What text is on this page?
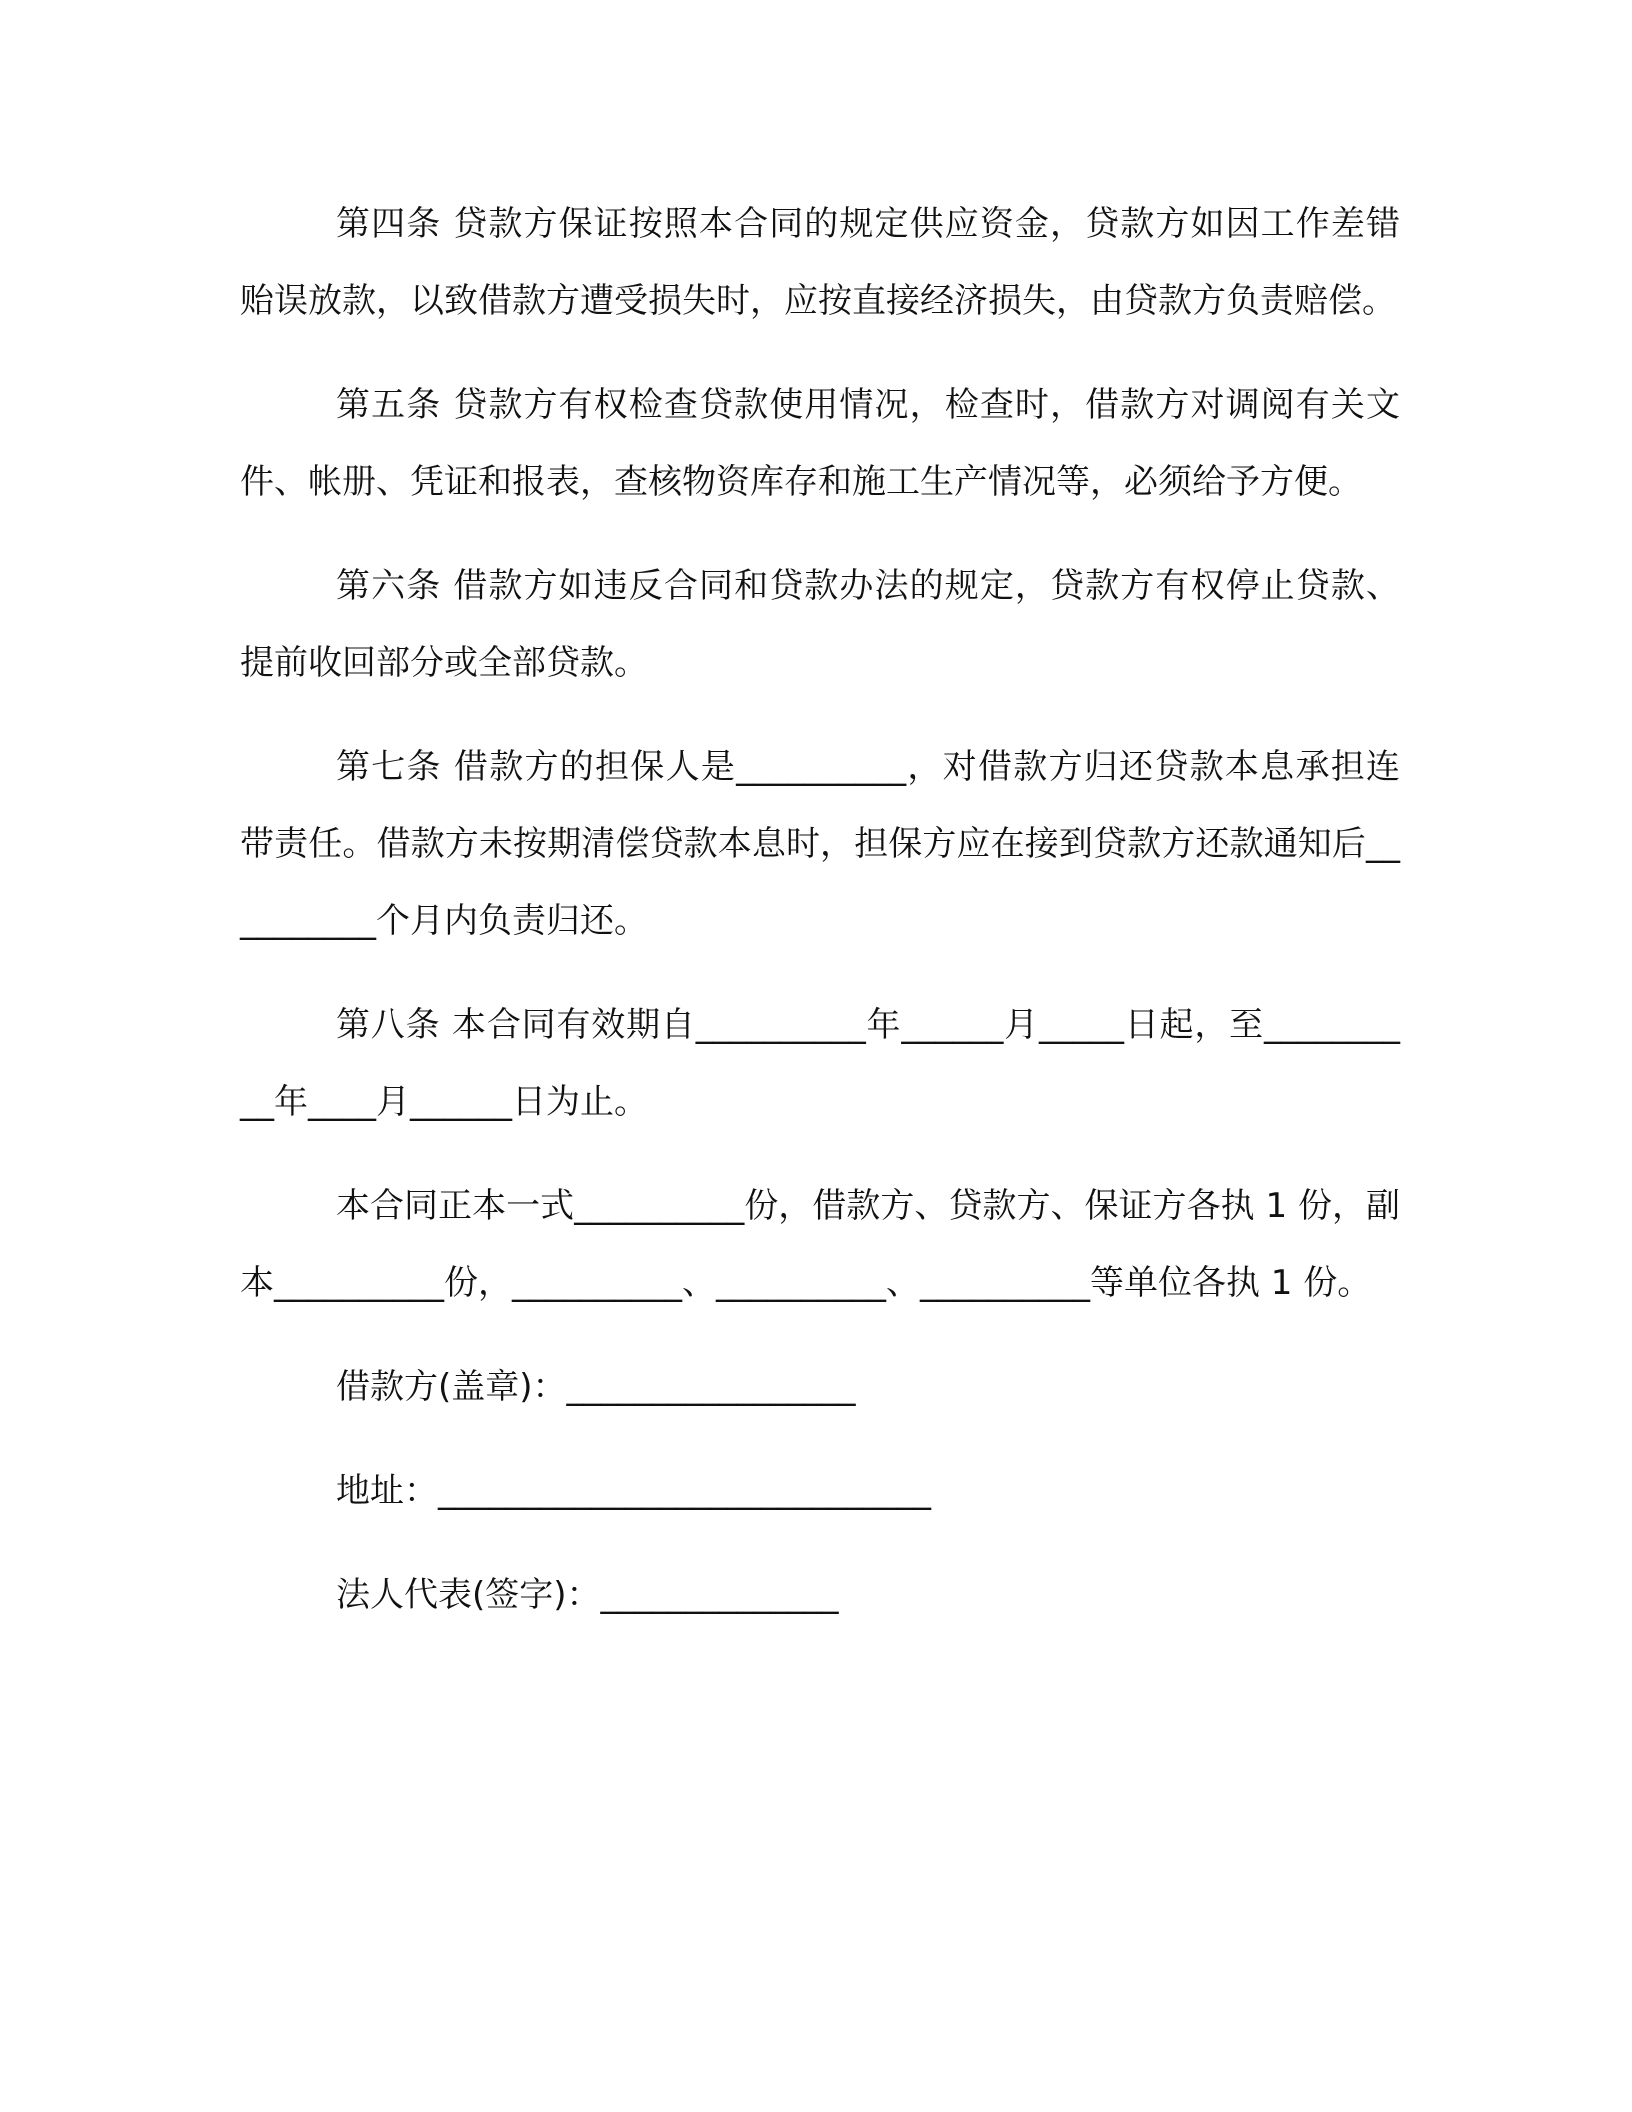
第四条 贷款方保证按照本合同的规定供应资金，贷款方如因工作差错贻误放款，以致借款方遭受损失时，应按直接经济损失，由贷款方负责赔偿。

第五条 贷款方有权检查贷款使用情况，检查时，借款方对调阅有关文件、帐册、凭证和报表，查核物资库存和施工生产情况等，必须给予方便。

第六条 借款方如违反合同和贷款办法的规定，贷款方有权停止贷款、提前收回部分或全部贷款。

第七条 借款方的担保人是__________，对借款方归还贷款本息承担连带责任。借款方未按期清偿贷款本息时，担保方应在接到贷款方还款通知后__________个月内负责归还。

第八条 本合同有效期自__________年______月_____日起，至__________年____月______日为止。

本合同正本一式__________份，借款方、贷款方、保证方各执 1 份，副本__________份，__________、__________、__________等单位各执 1 份。

借款方(盖章)：_________________

地址：_____________________________

法人代表(签字)：______________
